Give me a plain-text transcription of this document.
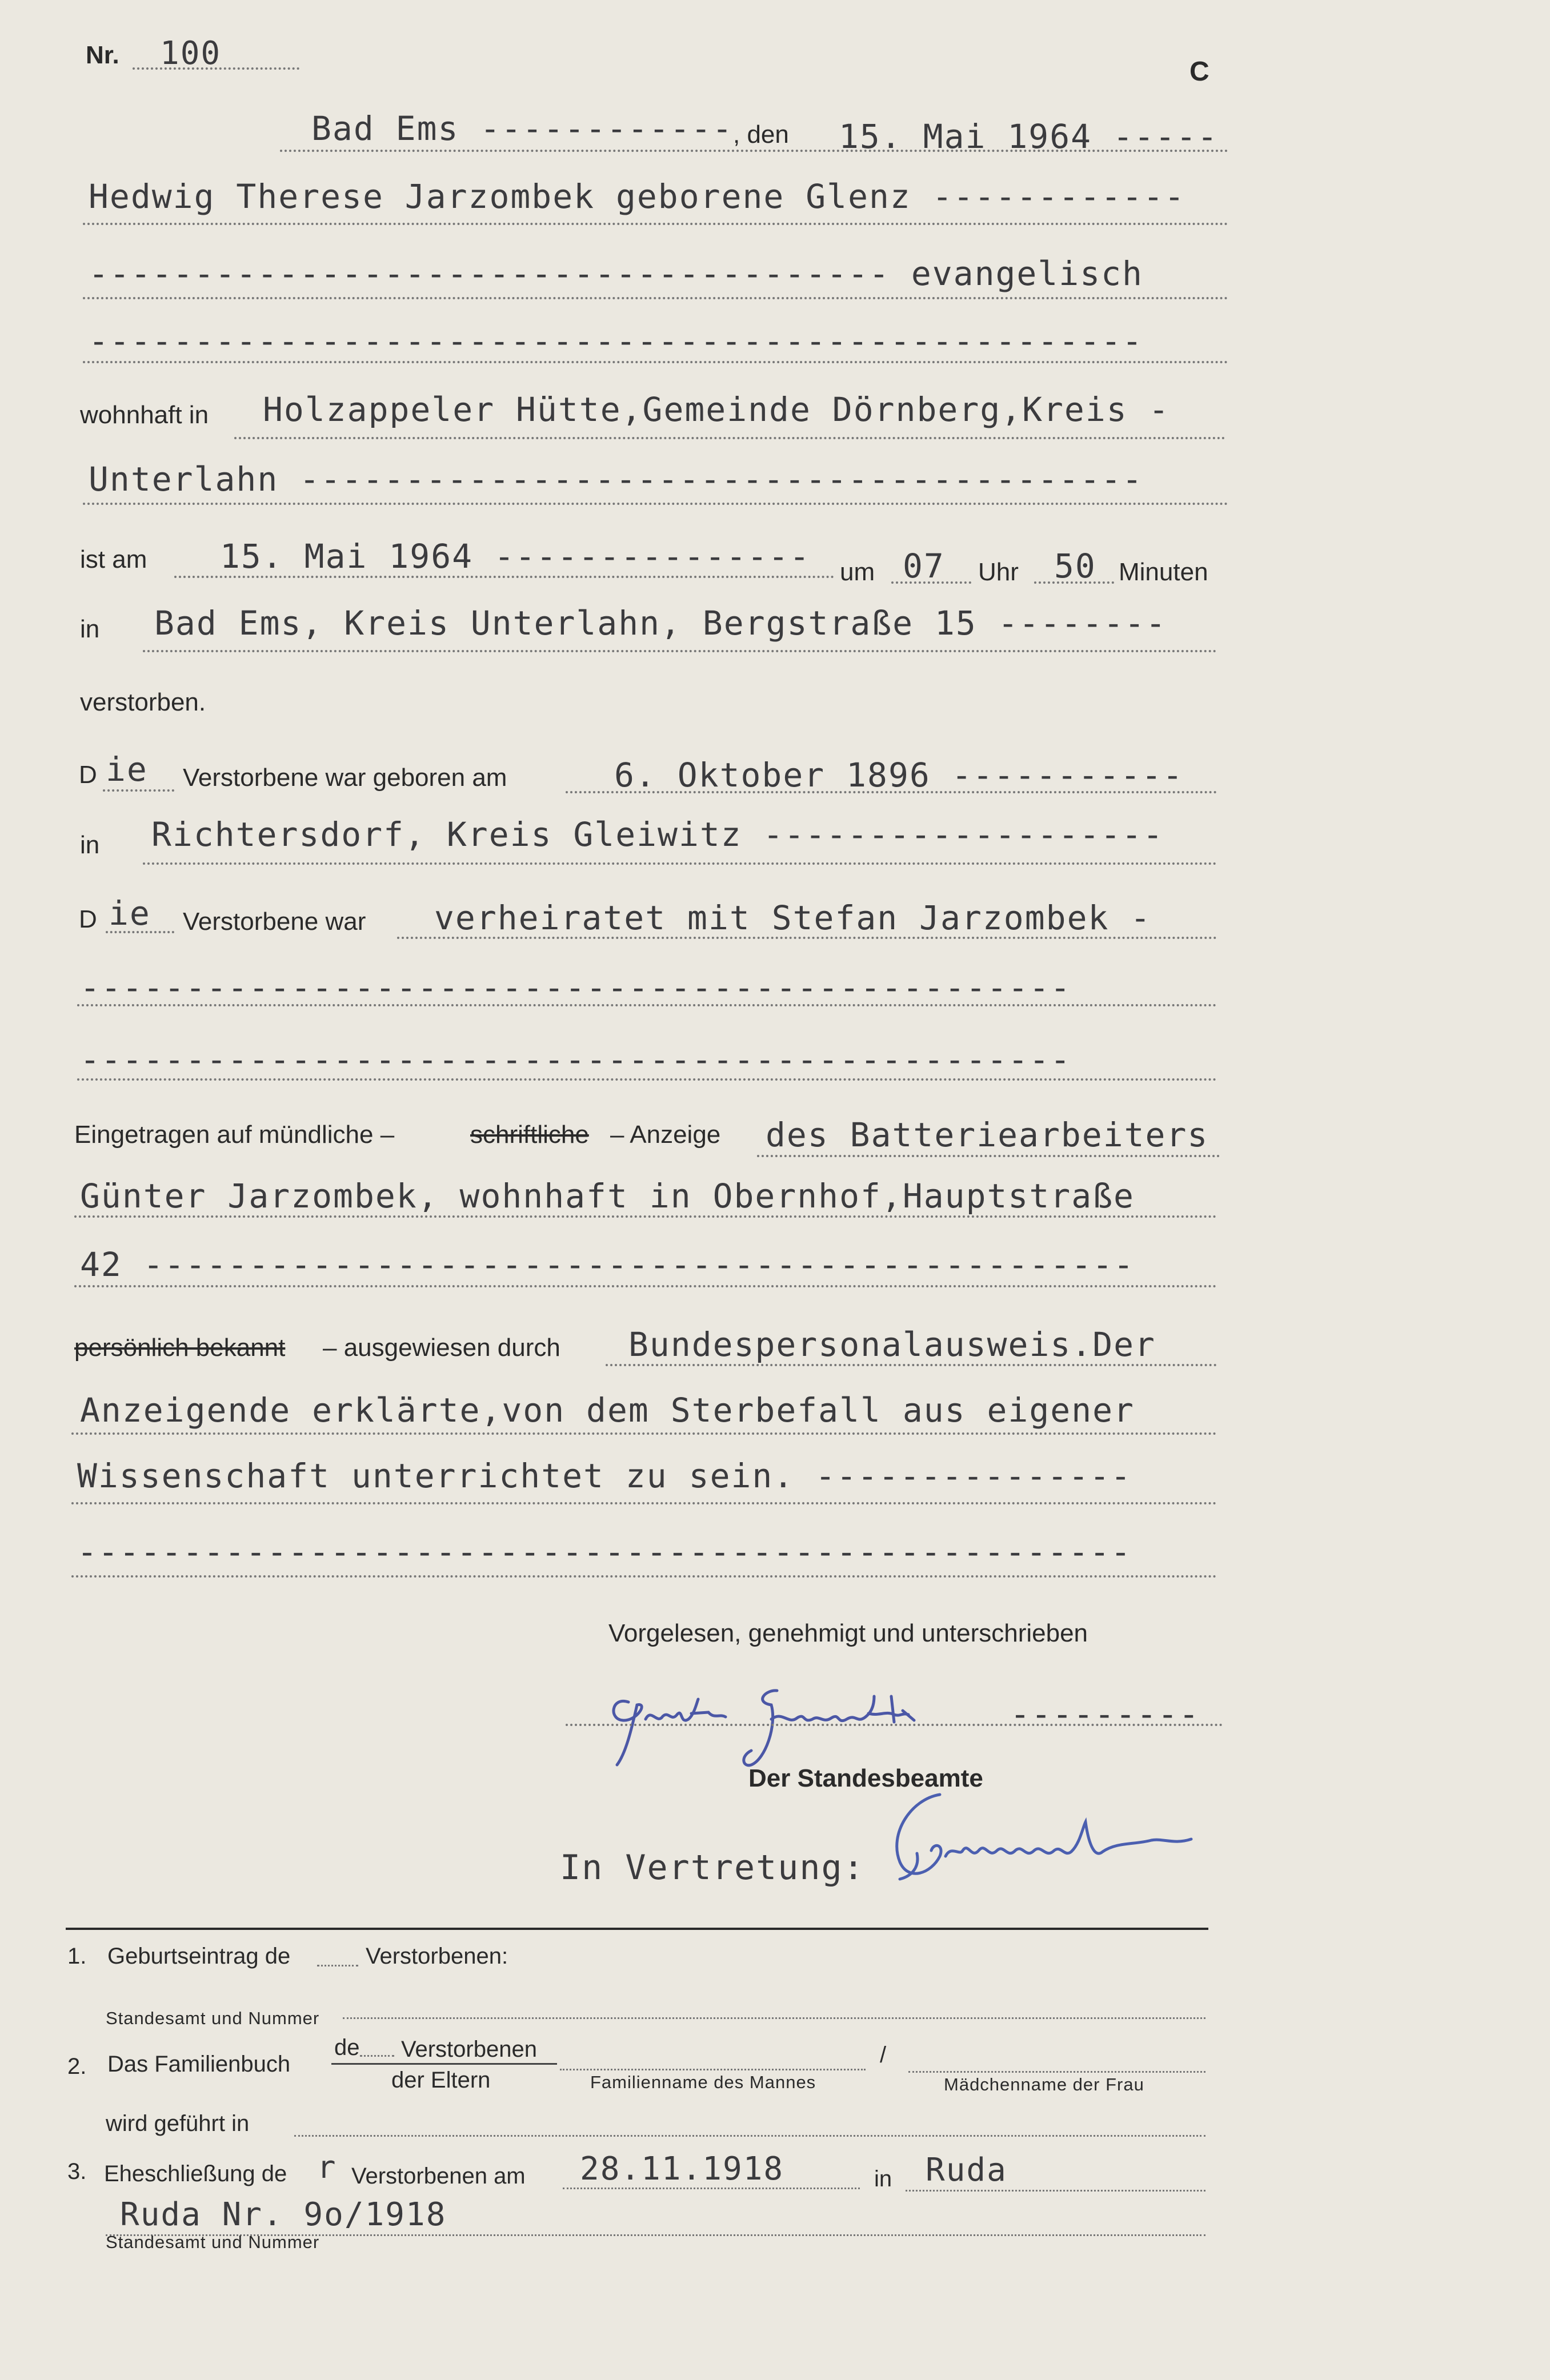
Nr. 100	C
Bad Ems ------------ , den 15. Mai 1964 -----
Hedwig Therese Jarzombek geborene Glenz ------------
-------------------------------------- evangelisch
--------------------------------------------------
wohnhaft in Holzappeler Hütte,Gemeinde Dörnberg,Kreis -
Unterlahn ----------------------------------------
ist am 15. Mai 1964 --------------- um 07 Uhr 50 Minuten
in Bad Ems, Kreis Unterlahn, Bergstraße 15 --------
verstorben.
D ie Verstorbene war geboren am	6. Oktober 1896 -----------
in Richtersdorf, Kreis Gleiwitz -------------------
D ie Verstorbene war verheiratet mit Stefan Jarzombek -
-----------------------------------------------
-----------------------------------------------
Eingetragen auf mündliche –	schriftliche – Anzeige des Batteriearbeiters
Günter Jarzombek, wohnhaft in Obernhof,Hauptstraße
42 -----------------------------------------------
persönlich bekannt – ausgewiesen durch Bundespersonalausweis.Der
Anzeigende erklärte,von dem Sterbefall aus eigener
Wissenschaft unterrichtet zu sein. ---------------
--------------------------------------------------
Vorgelesen, genehmigt und unterschrieben
---------
Der Standesbeamte
In Vertretung:
1. Geburtseintrag de	Verstorbenen:
Standesamt und Nummer
2. Das Familienbuch
de Verstorbenen
der Eltern	Familienname des Mannes
/
Mädchenname der Frau
wird geführt in
3. Eheschließung de r Verstorbenen am 28.11.1918	in Ruda
Ruda Nr. 9o/1918
Standesamt und Nummer
